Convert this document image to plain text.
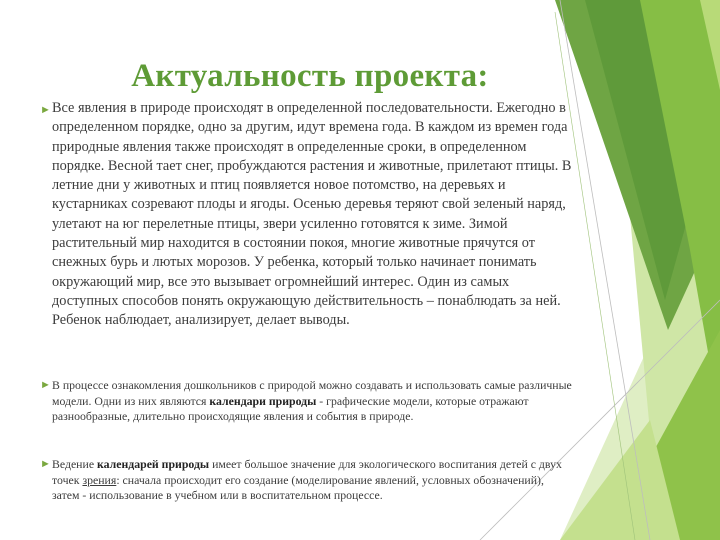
Актуальность проекта:
► Все явления в природе происходят в определенной последовательности. Ежегодно в определенном порядке, одно за другим, идут времена года. В каждом из времен года природные явления также происходят в определенные сроки, в определенном порядке. Весной тает снег, пробуждаются растения и животные, прилетают птицы. В летние дни у животных и птиц появляется новое потомство, на деревьях и кустарниках созревают плоды и ягоды. Осенью деревья теряют свой зеленый наряд, улетают на юг перелетные птицы, звери усиленно готовятся к зиме. Зимой растительный мир находится в состоянии покоя, многие животные прячутся от снежных бурь и лютых морозов. У ребенка, который только начинает понимать окружающий мир, все это вызывает огромнейший интерес. Один из самых доступных способов понять окружающую действительность – понаблюдать за ней. Ребенок наблюдает, анализирует, делает выводы.

► В процессе ознакомления дошкольников с природой можно создавать и использовать самые различные модели. Одни из них являются календари природы - графические модели, которые отражают разнообразные, длительно происходящие явления и события в природе.

► Ведение календарей природы имеет большое значение для экологического воспитания детей с двух точек зрения: сначала происходит его создание (моделирование явлений, условных обозначений), затем - использование в учебном или в воспитательном процессе.
